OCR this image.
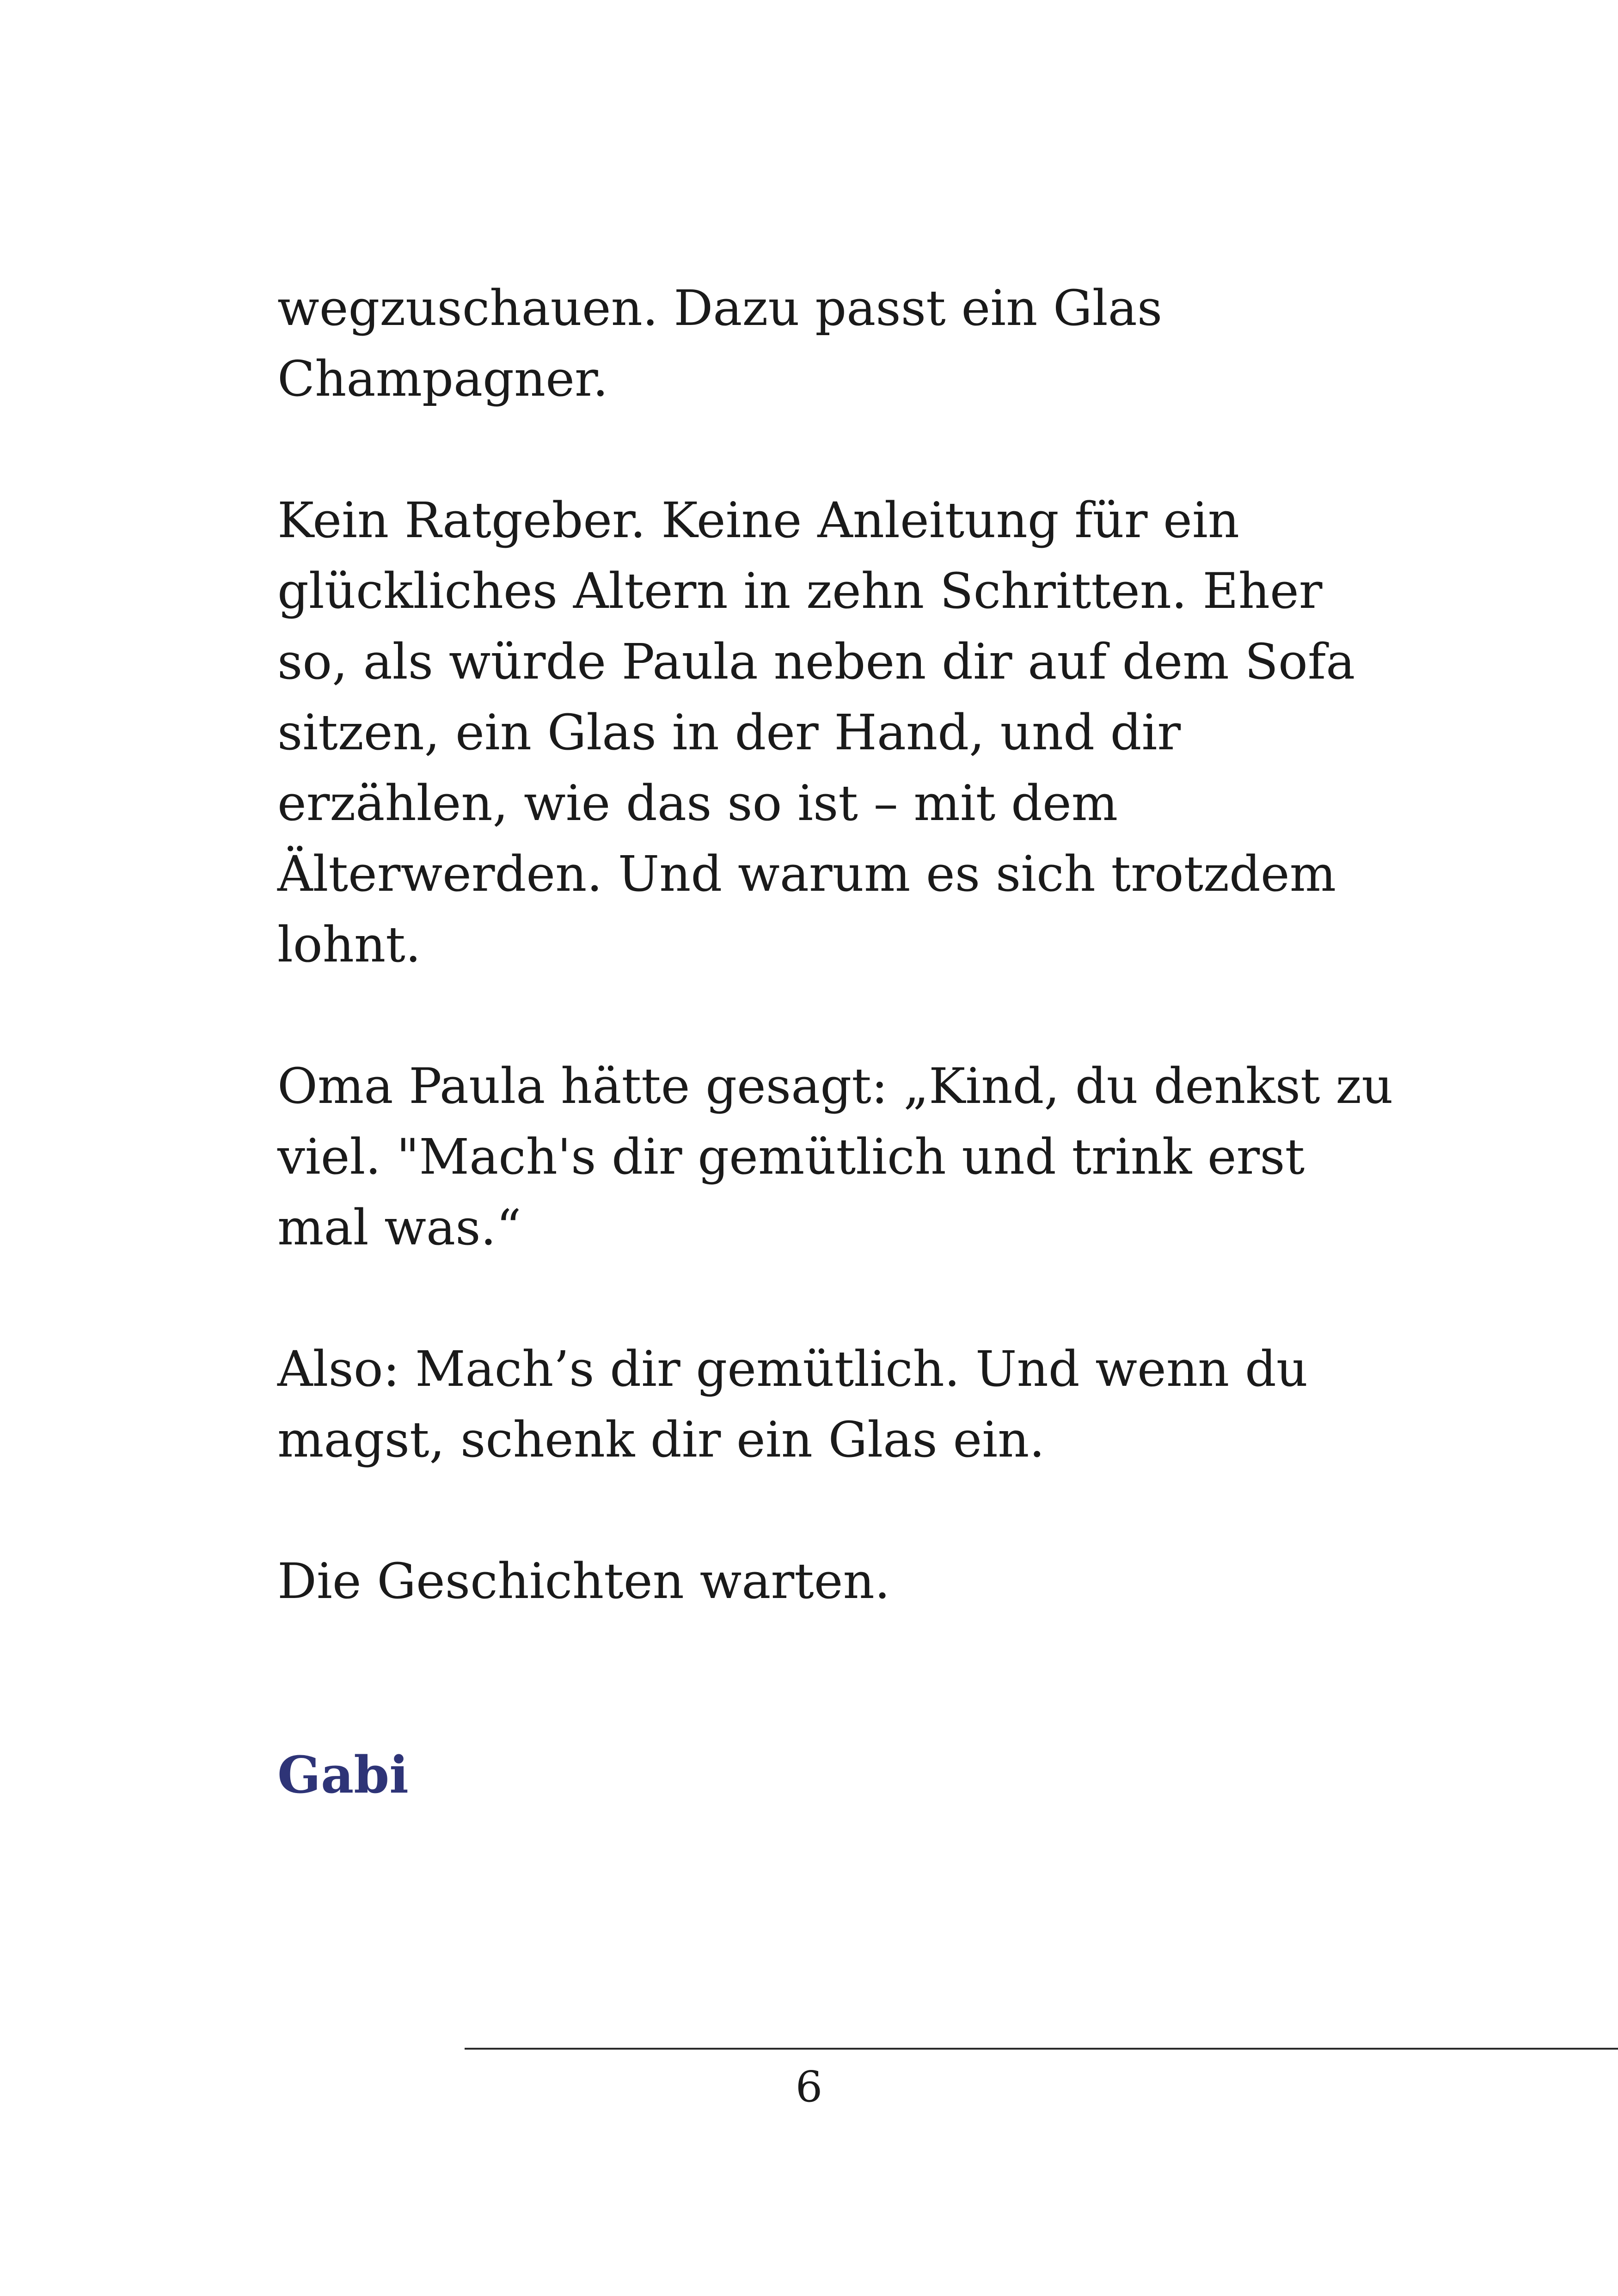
wegzuschauen. Dazu passt ein Glas
Champagner.

Kein Ratgeber. Keine Anleitung für ein
glückliches Altern in zehn Schritten. Eher
so, als würde Paula neben dir auf dem Sofa
sitzen, ein Glas in der Hand, und dir
erzählen, wie das so ist – mit dem
Älterwerden. Und warum es sich trotzdem
lohnt.

Oma Paula hätte gesagt: „Kind, du denkst zu
viel. "Mach's dir gemütlich und trink erst
mal was.“

Also: Mach’s dir gemütlich. Und wenn du
magst, schenk dir ein Glas ein.

Die Geschichten warten.

Gabi
6
